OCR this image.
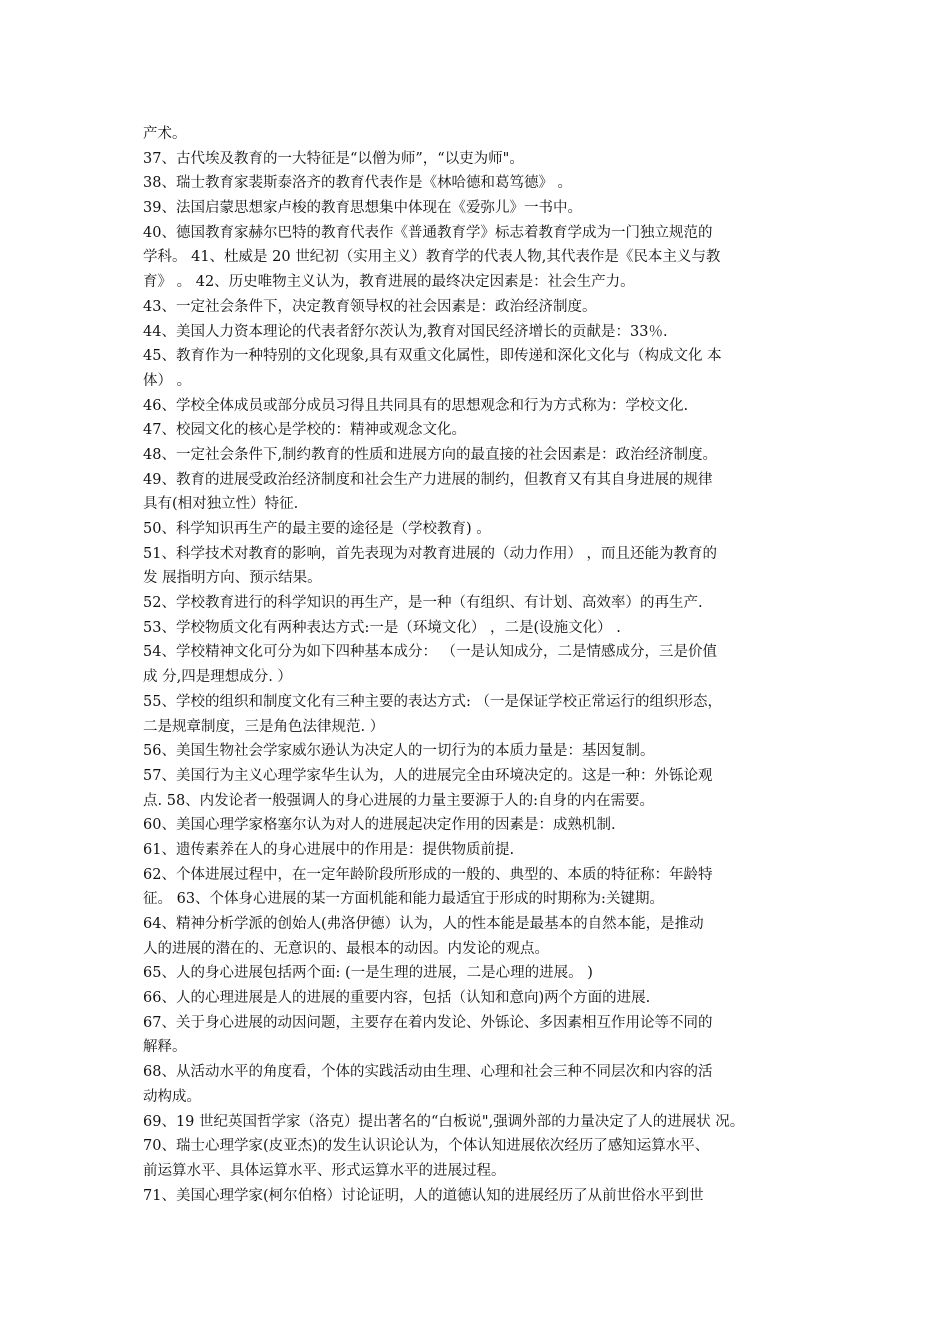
产术。
37、古代埃及教育的一大特征是“以僧为师”，“以吏为师"。
38、瑞士教育家裴斯泰洛齐的教育代表作是《林哈德和葛笃德》 。
39、法国启蒙思想家卢梭的教育思想集中体现在《爱弥儿》一书中。
40、德国教育家赫尔巴特的教育代表作《普通教育学》标志着教育学成为一门独立规范的
学科。 41、杜威是 20 世纪初（实用主义）教育学的代表人物,其代表作是《民本主义与教
育》 。 42、历史唯物主义认为，教育进展的最终决定因素是：社会生产力。
43、一定社会条件下，决定教育领导权的社会因素是：政治经济制度。
44、美国人力资本理论的代表者舒尔茨认为,教育对国民经济增长的贡献是：33％.
45、教育作为一种特别的文化现象,具有双重文化属性，即传递和深化文化与（构成文化 本
体） 。
46、学校全体成员或部分成员习得且共同具有的思想观念和行为方式称为：学校文化.
47、校园文化的核心是学校的：精神或观念文化。
48、一定社会条件下,制约教育的性质和进展方向的最直接的社会因素是：政治经济制度。
49、教育的进展受政治经济制度和社会生产力进展的制约，但教育又有其自身进展的规律
具有(相对独立性）特征.
50、科学知识再生产的最主要的途径是（学校教育) 。
51、科学技术对教育的影响，首先表现为对教育进展的（动力作用） ，而且还能为教育的
发 展指明方向、预示结果。
52、学校教育进行的科学知识的再生产，是一种（有组织、有计划、高效率）的再生产.
53、学校物质文化有两种表达方式:一是（环境文化） ，二是(设施文化） .
54、学校精神文化可分为如下四种基本成分： （一是认知成分，二是情感成分，三是价值
成 分,四是理想成分. ）
55、学校的组织和制度文化有三种主要的表达方式: （一是保证学校正常运行的组织形态，
二是规章制度，三是角色法律规范. ）
56、美国生物社会学家威尔逊认为决定人的一切行为的本质力量是：基因复制。
57、美国行为主义心理学家华生认为，人的进展完全由环境决定的。这是一种：外铄论观
点. 58、内发论者一般强调人的身心进展的力量主要源于人的:自身的内在需要。
60、美国心理学家格塞尔认为对人的进展起决定作用的因素是：成熟机制.
61、遗传素养在人的身心进展中的作用是：提供物质前提.
62、个体进展过程中，在一定年龄阶段所形成的一般的、典型的、本质的特征称：年龄特
征。 63、个体身心进展的某一方面机能和能力最适宜于形成的时期称为:关键期。
64、精神分析学派的创始人(弗洛伊德）认为，人的性本能是最基本的自然本能，是推动
人的进展的潜在的、无意识的、最根本的动因。内发论的观点。
65、人的身心进展包括两个面: (一是生理的进展，二是心理的进展。 )
66、人的心理进展是人的进展的重要内容，包括（认知和意向)两个方面的进展.
67、关于身心进展的动因问题，主要存在着内发论、外铄论、多因素相互作用论等不同的
解释。
68、从活动水平的角度看，个体的实践活动由生理、心理和社会三种不同层次和内容的活
动构成。
69、19 世纪英国哲学家（洛克）提出著名的“白板说",强调外部的力量决定了人的进展状 况。
70、瑞士心理学家(皮亚杰)的发生认识论认为，个体认知进展依次经历了感知运算水平、
前运算水平、具体运算水平、形式运算水平的进展过程。
71、美国心理学家(柯尔伯格）讨论证明，人的道德认知的进展经历了从前世俗水平到世
